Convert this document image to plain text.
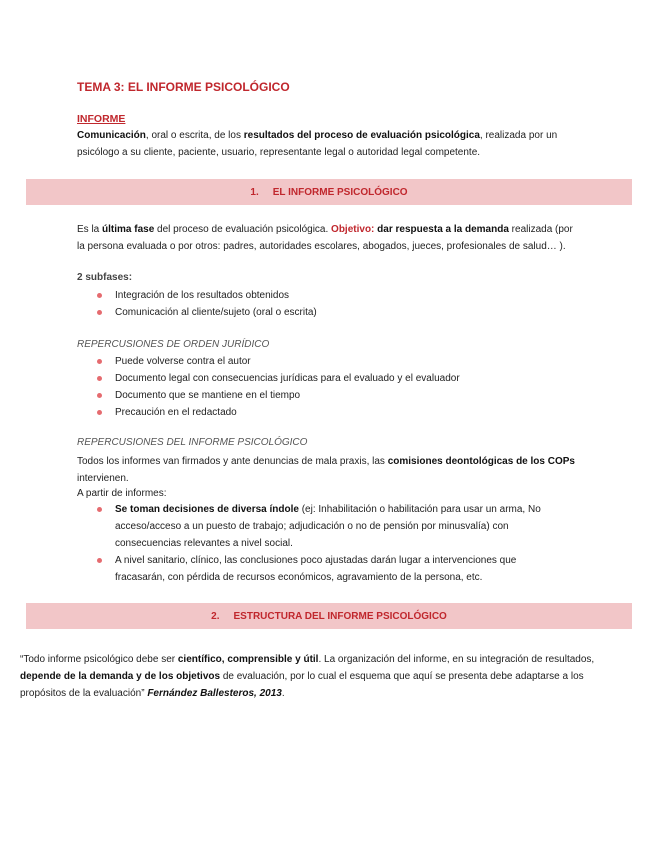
TEMA 3: EL INFORME PSICOLÓGICO
INFORME
Comunicación, oral o escrita, de los resultados del proceso de evaluación psicológica, realizada por un psicólogo a su cliente, paciente, usuario, representante legal o autoridad legal competente.
1. EL INFORME PSICOLÓGICO
Es la última fase del proceso de evaluación psicológica. Objetivo: dar respuesta a la demanda realizada (por la persona evaluada o por otros: padres, autoridades escolares, abogados, jueces, profesionales de salud… ).
2 subfases:
Integración de los resultados obtenidos
Comunicación al cliente/sujeto (oral o escrita)
REPERCUSIONES DE ORDEN JURÍDICO
Puede volverse contra el autor
Documento legal con consecuencias jurídicas para el evaluado y el evaluador
Documento que se mantiene en el tiempo
Precaución en el redactado
REPERCUSIONES DEL INFORME PSICOLÓGICO
Todos los informes van firmados y ante denuncias de mala praxis, las comisiones deontológicas de los COPs intervienen.
A partir de informes:
Se toman decisiones de diversa índole (ej: Inhabilitación o habilitación para usar un arma, No acceso/acceso a un puesto de trabajo; adjudicación o no de pensión por minusvalía) con consecuencias relevantes a nivel social.
A nivel sanitario, clínico, las conclusiones poco ajustadas darán lugar a intervenciones que fracasarán, con pérdida de recursos económicos, agravamiento de la persona, etc.
2. ESTRUCTURA DEL INFORME PSICOLÓGICO
“Todo informe psicológico debe ser científico, comprensible y útil. La organización del informe, en su integración de resultados, depende de la demanda y de los objetivos de evaluación, por lo cual el esquema que aquí se presenta debe adaptarse a los propósitos de la evaluación” Fernández Ballesteros, 2013.
